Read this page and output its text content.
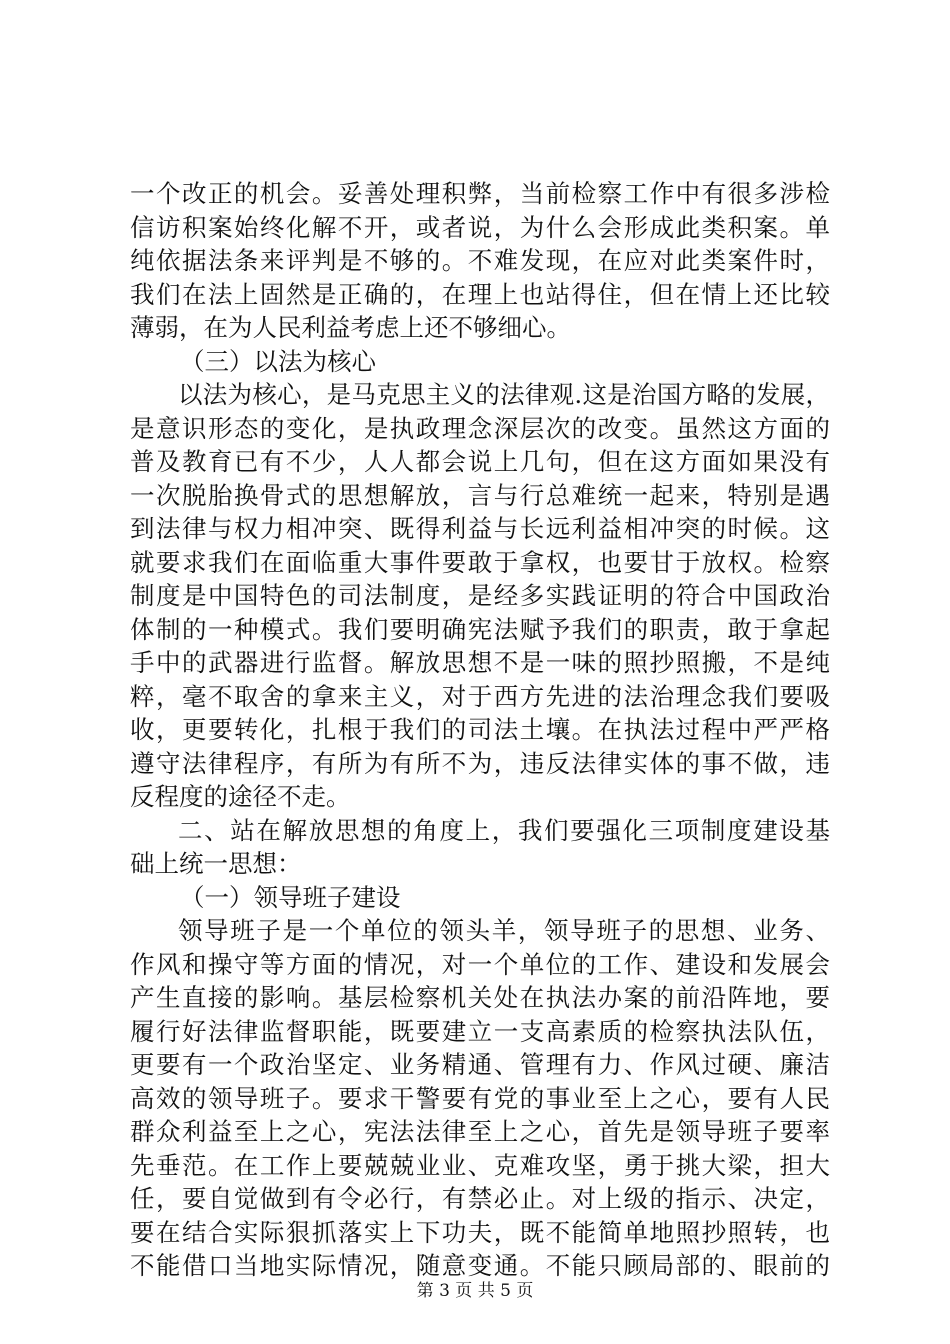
一个改正的机会。妥善处理积弊，当前检察工作中有很多涉检
信访积案始终化解不开，或者说，为什么会形成此类积案。单
纯依据法条来评判是不够的。不难发现，在应对此类案件时，
我们在法上固然是正确的，在理上也站得住，但在情上还比较
薄弱，在为人民利益考虑上还不够细心。
（三）以法为核心
以法为核心，是马克思主义的法律观.这是治国方略的发展，
是意识形态的变化，是执政理念深层次的改变。虽然这方面的
普及教育已有不少，人人都会说上几句，但在这方面如果没有
一次脱胎换骨式的思想解放，言与行总难统一起来，特别是遇
到法律与权力相冲突、既得利益与长远利益相冲突的时候。这
就要求我们在面临重大事件要敢于拿权，也要甘于放权。检察
制度是中国特色的司法制度，是经多实践证明的符合中国政治
体制的一种模式。我们要明确宪法赋予我们的职责，敢于拿起
手中的武器进行监督。解放思想不是一味的照抄照搬，不是纯
粹，毫不取舍的拿来主义，对于西方先进的法治理念我们要吸
收，更要转化，扎根于我们的司法土壤。在执法过程中严严格
遵守法律程序，有所为有所不为，违反法律实体的事不做，违
反程度的途径不走。
二、站在解放思想的角度上，我们要强化三项制度建设基
础上统一思想：
（一）领导班子建设
领导班子是一个单位的领头羊，领导班子的思想、业务、
作风和操守等方面的情况，对一个单位的工作、建设和发展会
产生直接的影响。基层检察机关处在执法办案的前沿阵地，要
履行好法律监督职能，既要建立一支高素质的检察执法队伍，
更要有一个政治坚定、业务精通、管理有力、作风过硬、廉洁
高效的领导班子。要求干警要有党的事业至上之心，要有人民
群众利益至上之心，宪法法律至上之心，首先是领导班子要率
先垂范。在工作上要兢兢业业、克难攻坚，勇于挑大梁，担大
任，要自觉做到有令必行，有禁必止。对上级的指示、决定，
要在结合实际狠抓落实上下功夫，既不能简单地照抄照转，也
不能借口当地实际情况，随意变通。不能只顾局部的、眼前的
第 3 页 共 5 页
